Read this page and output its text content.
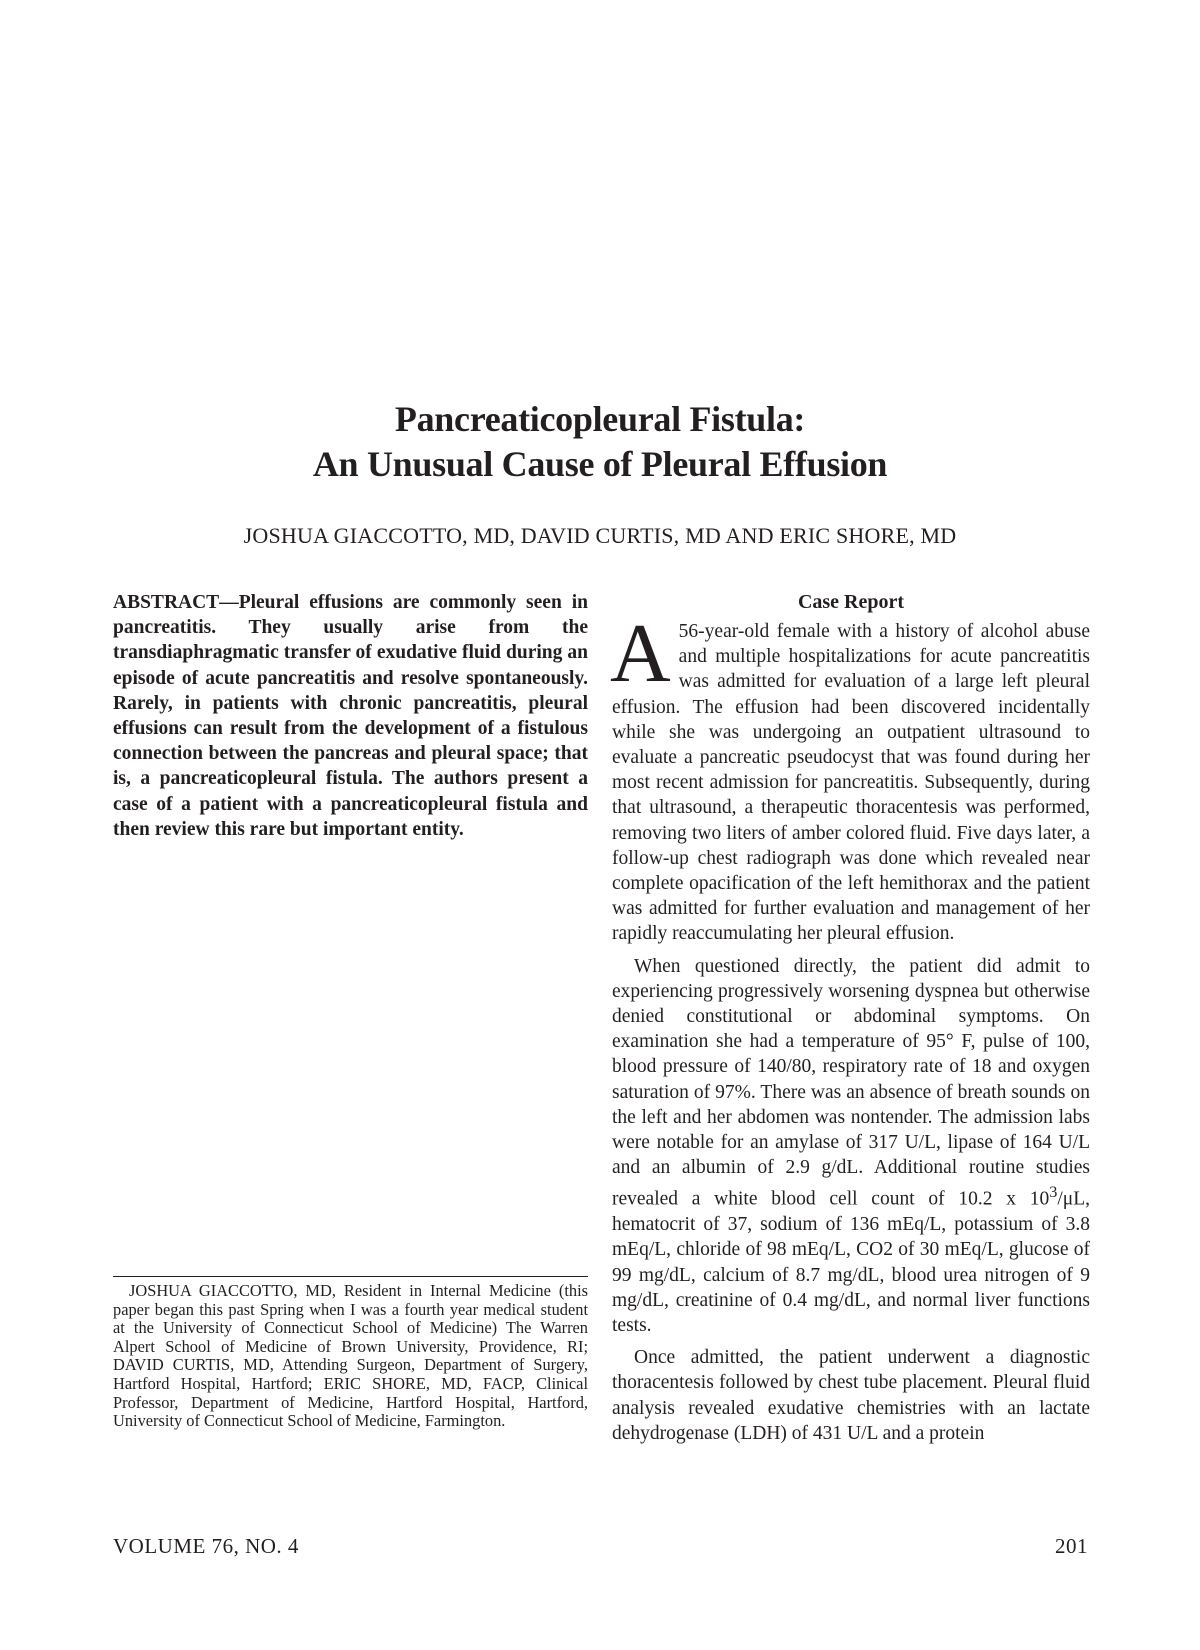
Pancreaticopleural Fistula:
An Unusual Cause of Pleural Effusion

JOSHUA GIACCOTTO, MD, DAVID CURTIS, MD AND ERIC SHORE, MD

ABSTRACT—Pleural effusions are commonly seen in pancreatitis. They usually arise from the transdiaphragmatic transfer of exudative fluid during an episode of acute pancreatitis and resolve spontaneously. Rarely, in patients with chronic pancreatitis, pleural effusions can result from the development of a fistulous connection between the pancreas and pleural space; that is, a pancreaticopleural fistula. The authors present a case of a patient with a pancreaticopleural fistula and then review this rare but important entity.

JOSHUA GIACCOTTO, MD, Resident in Internal Medicine (this paper began this past Spring when I was a fourth year medical student at the University of Connecticut School of Medicine) The Warren Alpert School of Medicine of Brown University, Providence, RI; DAVID CURTIS, MD, Attending Surgeon, Department of Surgery, Hartford Hospital, Hartford; ERIC SHORE, MD, FACP, Clinical Professor, Department of Medicine, Hartford Hospital, Hartford, University of Connecticut School of Medicine, Farmington.

Case Report

A 56-year-old female with a history of alcohol abuse and multiple hospitalizations for acute pancreatitis was admitted for evaluation of a large left pleural effusion. The effusion had been discovered incidentally while she was undergoing an outpatient ultrasound to evaluate a pancreatic pseudocyst that was found during her most recent admission for pancreatitis. Subsequently, during that ultrasound, a therapeutic thoracentesis was performed, removing two liters of amber colored fluid. Five days later, a follow-up chest radiograph was done which revealed near complete opacification of the left hemithorax and the patient was admitted for further evaluation and management of her rapidly reaccumulating her pleural effusion.

When questioned directly, the patient did admit to experiencing progressively worsening dyspnea but otherwise denied constitutional or abdominal symptoms. On examination she had a temperature of 95° F, pulse of 100, blood pressure of 140/80, respiratory rate of 18 and oxygen saturation of 97%. There was an absence of breath sounds on the left and her abdomen was nontender. The admission labs were notable for an amylase of 317 U/L, lipase of 164 U/L and an albumin of 2.9 g/dL. Additional routine studies revealed a white blood cell count of 10.2 x $10^3/\mu L$, hematocrit of 37, sodium of 136 mEq/L, potassium of 3.8 mEq/L, chloride of 98 mEq/L, CO2 of 30 mEq/L, glucose of 99 mg/dL, calcium of 8.7 mg/dL, blood urea nitrogen of 9 mg/dL, creatinine of 0.4 mg/dL, and normal liver functions tests.

Once admitted, the patient underwent a diagnostic thoracentesis followed by chest tube placement. Pleural fluid analysis revealed exudative chemistries with an lactate dehydrogenase (LDH) of 431 U/L and a protein

VOLUME 76, NO. 4	201
